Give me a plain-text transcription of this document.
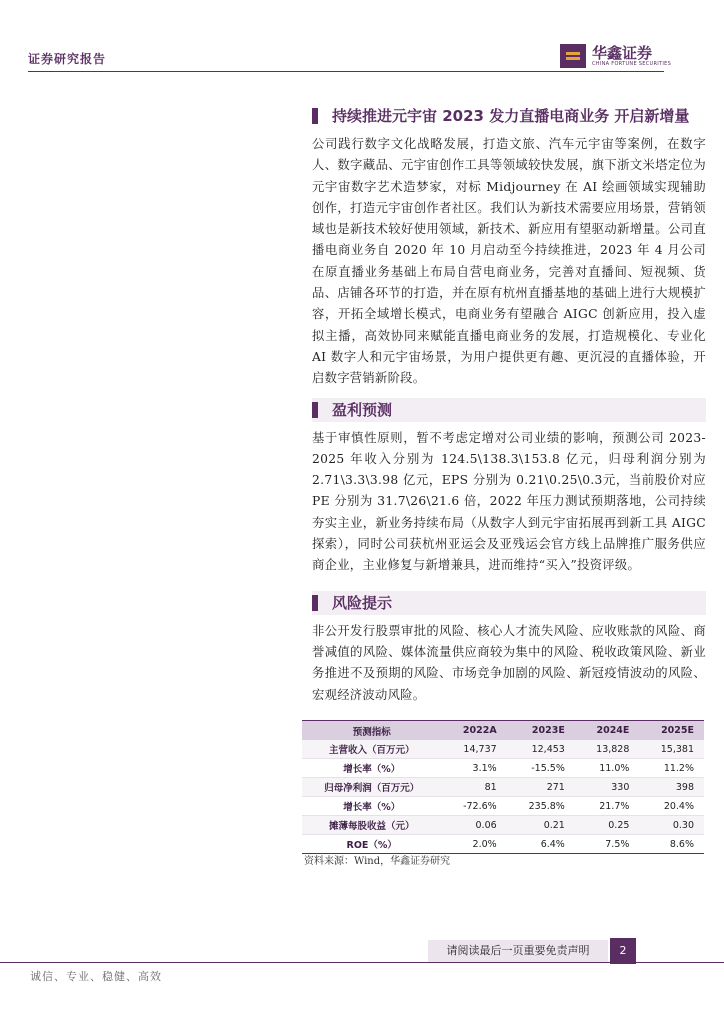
证券研究报告	华鑫证券
CHINA FORTUNE SECURITIES
持续推进元宇宙 2023 发力直播电商业务 开启新增量

公司践行数字文化战略发展，打造文旅、汽车元宇宙等案例，在数字人、数字藏品、元宇宙创作工具等领域较快发展，旗下浙文米塔定位为元宇宙数字艺术造梦家，对标 Midjourney 在 AI 绘画领域实现辅助创作，打造元宇宙创作者社区。我们认为新技术需要应用场景，营销领域也是新技术较好使用领域，新技术、新应用有望驱动新增量。公司直播电商业务自 2020 年 10 月启动至今持续推进，2023 年 4 月公司在原直播业务基础上布局自营电商业务，完善对直播间、短视频、货品、店铺各环节的打造，并在原有杭州直播基地的基础上进行大规模扩容，开拓全域增长模式，电商业务有望融合 AIGC 创新应用，投入虚拟主播，高效协同来赋能直播电商业务的发展，打造规模化、专业化 AI 数字人和元宇宙场景，为用户提供更有趣、更沉浸的直播体验，开启数字营销新阶段。

盈利预测

基于审慎性原则，暂不考虑定增对公司业绩的影响，预测公司 2023-2025 年收入分别为 124.5\138.3\153.8 亿元，归母利润分别为 2.71\3.3\3.98 亿元，EPS 分别为 0.21\0.25\0.3元，当前股价对应 PE 分别为 31.7\26\21.6 倍，2022 年压力测试预期落地，公司持续夯实主业，新业务持续布局（从数字人到元宇宙拓展再到新工具 AIGC 探索），同时公司获杭州亚运会及亚残运会官方线上品牌推广服务供应商企业，主业修复与新增兼具，进而维持“买入”投资评级。

风险提示

非公开发行股票审批的风险、核心人才流失风险、应收账款的风险、商誉减值的风险、媒体流量供应商较为集中的风险、税收政策风险、新业务推进不及预期的风险、市场竞争加剧的风险、新冠疫情波动的风险、宏观经济波动风险。

预测指标	2022A	2023E	2024E	2025E
主营收入（百万元）	14,737	12,453	13,828	15,381
增长率（%）	3.1%	-15.5%	11.0%	11.2%
归母净利润（百万元）	81	271	330	398
增长率（%）	-72.6%	235.8%	21.7%	20.4%
摊薄每股收益（元）	0.06	0.21	0.25	0.30
ROE（%）	2.0%	6.4%	7.5%	8.6%
资料来源：Wind，华鑫证券研究
请阅读最后一页重要免责声明	2
诚信、专业、稳健、高效
